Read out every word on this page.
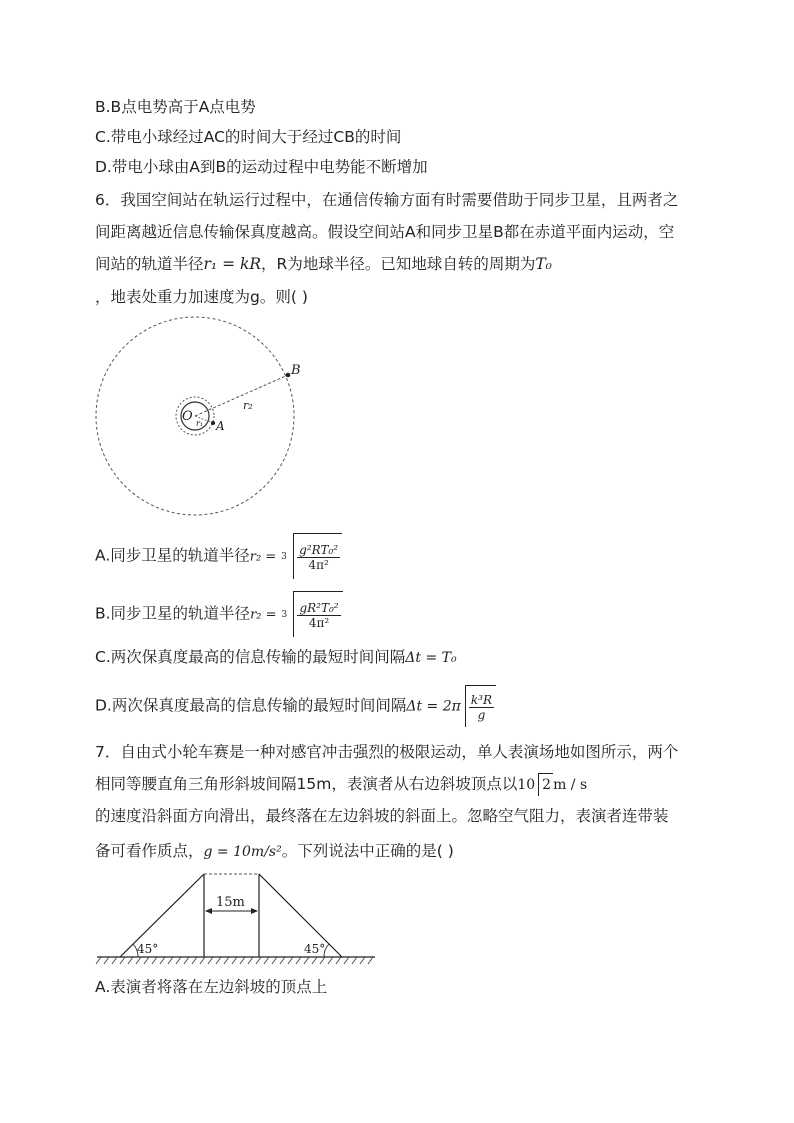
B.B点电势高于A点电势
C.带电小球经过AC的时间大于经过CB的时间
D.带电小球由A到B的运动过程中电势能不断增加
6．我国空间站在轨运行过程中，在通信传输方面有时需要借助于同步卫星，且两者之
间距离越近信息传输保真度越高。假设空间站A和同步卫星B都在赤道平面内运动，空
间站的轨道半径r₁ = kR，R为地球半径。已知地球自转的周期为T₀
，地表处重力加速度为g。则( )
B
O
A
r₂
r₁
A.同步卫星的轨道半径$r_2 = 3 \frac{\text{g²RT₀²}}{\text{4π²}}$
B.同步卫星的轨道半径$r_2 = 3 \frac{\text{gR²T₀²}}{\text{4π²}}$
C.两次保真度最高的信息传输的最短时间间隔Δt = T₀
D.两次保真度最高的信息传输的最短时间间隔$\Delta t = 2\pi \frac{\text{k³R}}{g}$
7．自由式小轮车赛是一种对感官冲击强烈的极限运动，单人表演场地如图所示，两个
相同等腰直角三角形斜坡间隔15m，表演者从右边斜坡顶点以10 2 m / s
的速度沿斜面方向滑出，最终落在左边斜坡的斜面上。忽略空气阻力，表演者连带装
备可看作质点，g = 10m/s²。下列说法中正确的是( )
15m
45°	45°
A.表演者将落在左边斜坡的顶点上
